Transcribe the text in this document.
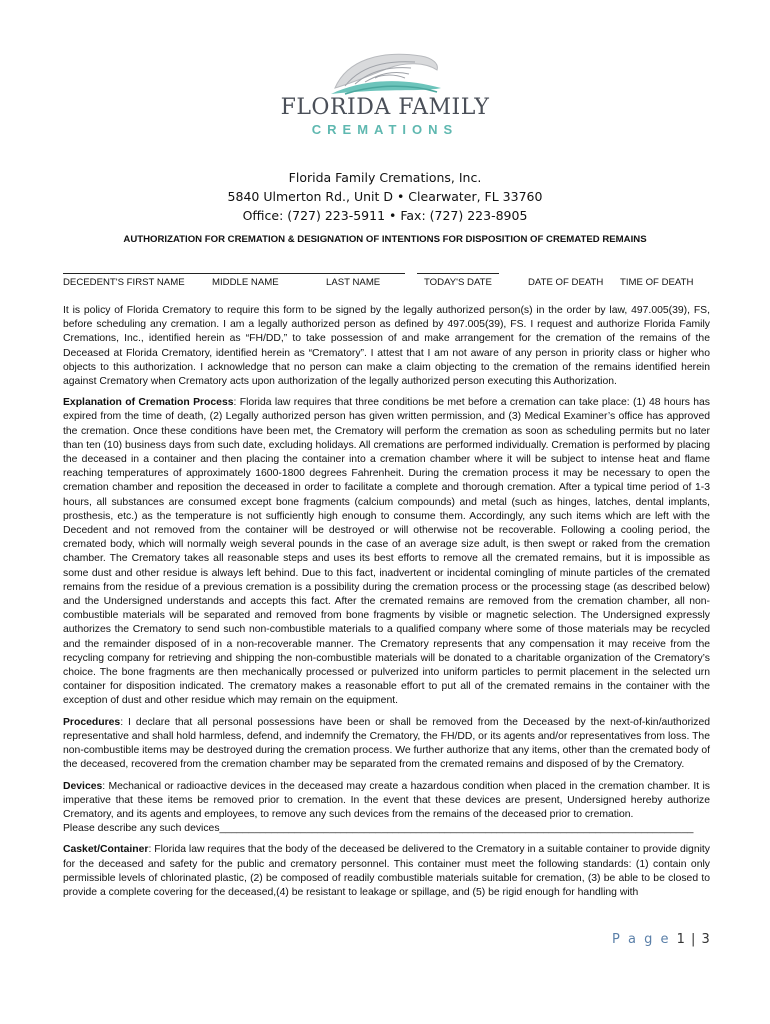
FLORIDA FAMILY
CREMATIONS
Florida Family Cremations, Inc.
5840 Ulmerton Rd., Unit D • Clearwater, FL 33760
Office: (727) 223-5911 • Fax: (727) 223-8905
AUTHORIZATION FOR CREMATION & DESIGNATION OF INTENTIONS FOR DISPOSITION OF CREMATED REMAINS
DECEDENT'S FIRST NAME	MIDDLE NAME	LAST NAME	TODAY'S DATE	DATE OF DEATH TIME OF DEATH

It is policy of Florida Crematory to require this form to be signed by the legally authorized person(s) in the order by law, 497.005(39), FS, before scheduling any cremation. I am a legally authorized person as defined by 497.005(39), FS. I request and authorize Florida Family Cremations, Inc., identified herein as “FH/DD,” to take possession of and make arrangement for the cremation of the remains of the Deceased at Florida Crematory, identified herein as “Crematory”. I attest that I am not aware of any person in priority class or higher who objects to this authorization. I acknowledge that no person can make a claim objecting to the cremation of the remains identified herein against Crematory when Crematory acts upon authorization of the legally authorized person executing this Authorization.

Explanation of Cremation Process: Florida law requires that three conditions be met before a cremation can take place: (1) 48 hours has expired from the time of death, (2) Legally authorized person has given written permission, and (3) Medical Examiner’s office has approved the cremation. Once these conditions have been met, the Crematory will perform the cremation as soon as scheduling permits but no later than ten (10) business days from such date, excluding holidays. All cremations are performed individually. Cremation is performed by placing the deceased in a container and then placing the container into a cremation chamber where it will be subject to intense heat and flame reaching temperatures of approximately 1600-1800 degrees Fahrenheit. During the cremation process it may be necessary to open the cremation chamber and reposition the deceased in order to facilitate a complete and thorough cremation. After a typical time period of 1-3 hours, all substances are consumed except bone fragments (calcium compounds) and metal (such as hinges, latches, dental implants, prosthesis, etc.) as the temperature is not sufficiently high enough to consume them. Accordingly, any such items which are left with the Decedent and not removed from the container will be destroyed or will otherwise not be recoverable. Following a cooling period, the cremated body, which will normally weigh several pounds in the case of an average size adult, is then swept or raked from the cremation chamber. The Crematory takes all reasonable steps and uses its best efforts to remove all the cremated remains, but it is impossible as some dust and other residue is always left behind. Due to this fact, inadvertent or incidental comingling of minute particles of the cremated remains from the residue of a previous cremation is a possibility during the cremation process or the processing stage (as described below) and the Undersigned understands and accepts this fact. After the cremated remains are removed from the cremation chamber, all non-combustible materials will be separated and removed from bone fragments by visible or magnetic selection. The Undersigned expressly authorizes the Crematory to send such non-combustible materials to a qualified company where some of those materials may be recycled and the remainder disposed of in a non-recoverable manner. The Crematory represents that any compensation it may receive from the recycling company for retrieving and shipping the non-combustible materials will be donated to a charitable organization of the Crematory’s choice. The bone fragments are then mechanically processed or pulverized into uniform particles to permit placement in the selected urn container for disposition indicated. The crematory makes a reasonable effort to put all of the cremated remains in the container with the exception of dust and other residue which may remain on the equipment.

Procedures: I declare that all personal possessions have been or shall be removed from the Deceased by the next-of-kin/authorized representative and shall hold harmless, defend, and indemnify the Crematory, the FH/DD, or its agents and/or representatives from loss. The non-combustible items may be destroyed during the cremation process. We further authorize that any items, other than the cremated body of the deceased, recovered from the cremation chamber may be separated from the cremated remains and disposed of by the Crematory.

Devices: Mechanical or radioactive devices in the deceased may create a hazardous condition when placed in the cremation chamber. It is imperative that these items be removed prior to cremation. In the event that these devices are present, Undersigned hereby authorize Crematory, and its agents and employees, to remove any such devices from the remains of the deceased prior to cremation.

Please describe any such devices__________________________________________________________________________________

Casket/Container: Florida law requires that the body of the deceased be delivered to the Crematory in a suitable container to provide dignity for the deceased and safety for the public and crematory personnel. This container must meet the following standards: (1) contain only permissible levels of chlorinated plastic, (2) be composed of readily combustible materials suitable for cremation, (3) be able to be closed to provide a complete covering for the deceased,(4) be resistant to leakage or spillage, and (5) be rigid enough for handling with

P a g e 1 | 3
